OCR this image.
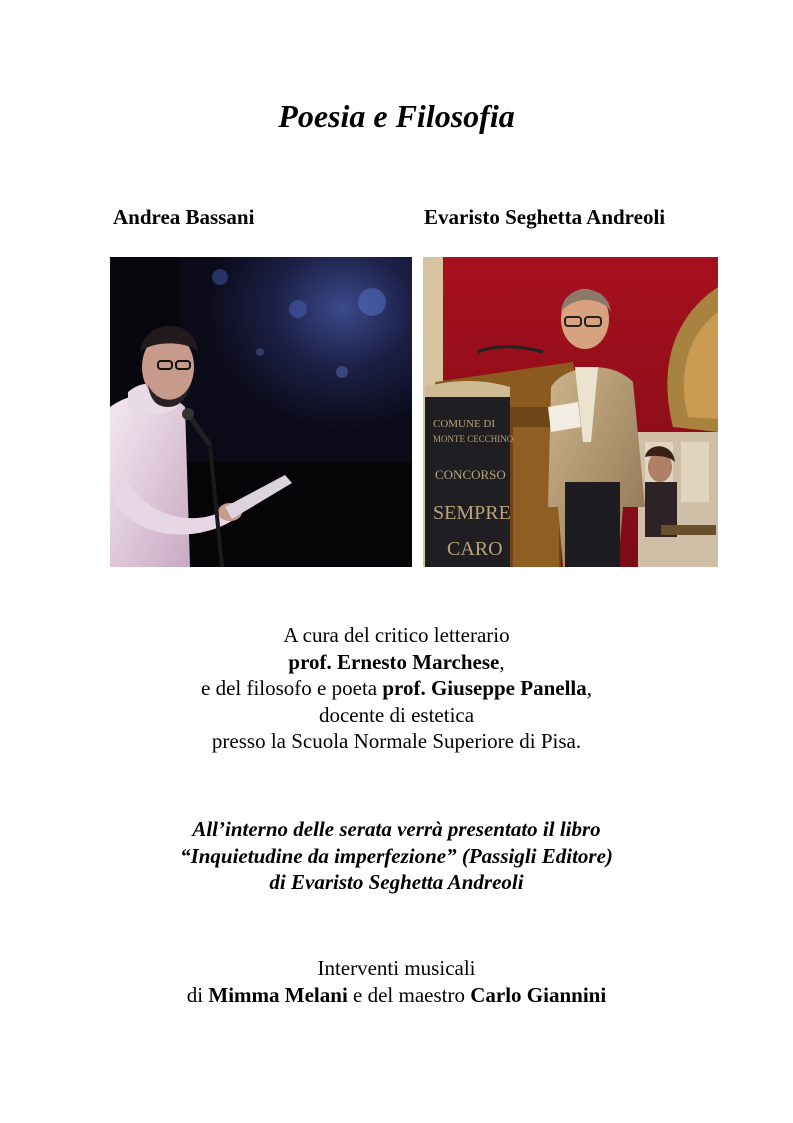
Poesia e Filosofia
Andrea Bassani	Evaristo Seghetta Andreoli
COMUNE DI
MONTE CECCHINO
CONCORSO
SEMPRE
CARO
A cura del critico letterario
prof. Ernesto Marchese,
e del filosofo e poeta prof. Giuseppe Panella,
docente di estetica
presso la Scuola Normale Superiore di Pisa.
All’interno delle serata verrà presentato il libro
“Inquietudine da imperfezione” (Passigli Editore)
di Evaristo Seghetta Andreoli
Interventi musicali
di Mimma Melani e del maestro Carlo Giannini
